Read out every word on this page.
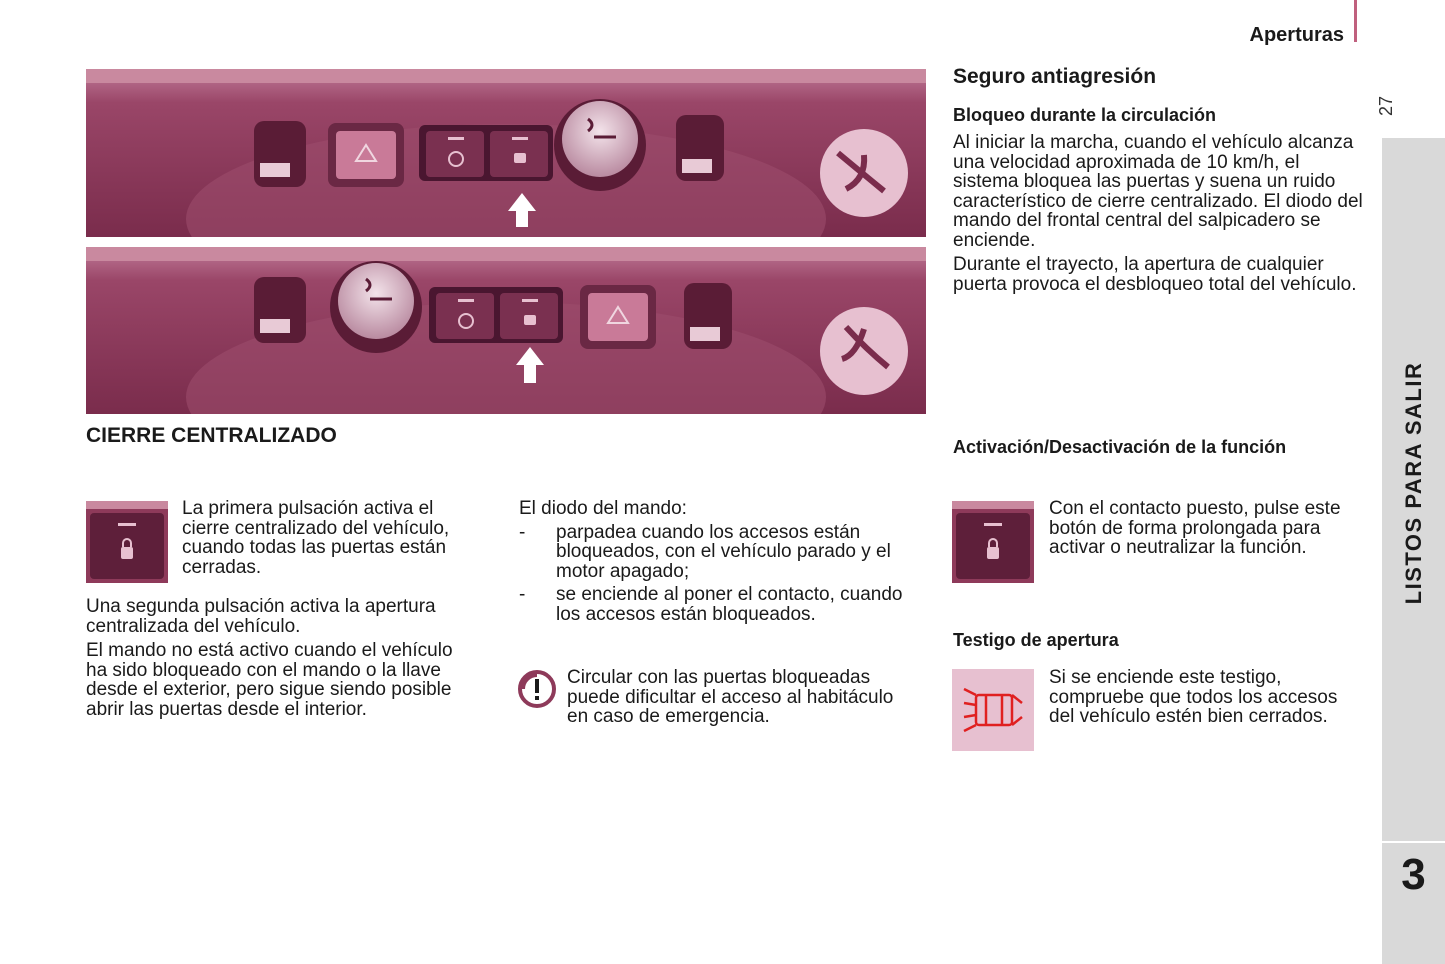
Aperturas
27
LISTOS PARA SALIR
3
CIERRE CENTRALIZADO
La primera pulsación activa el cierre centralizado del vehículo, cuando todas las puertas están cerradas.

Una segunda pulsación activa la apertura centralizada del vehículo.

El mando no está activo cuando el vehículo ha sido bloqueado con el mando o la llave desde el exterior, pero sigue siendo posible abrir las puertas desde el interior.

El diodo del mando:

- parpadea cuando los accesos están bloqueados, con el vehículo parado y el motor apagado;
- se enciende al poner el contacto, cuando los accesos están bloqueados.
Circular con las puertas bloqueadas puede dificultar el acceso al habitáculo en caso de emergencia.
Seguro antiagresión
Bloqueo durante la circulación

Al iniciar la marcha, cuando el vehículo alcanza una velocidad aproximada de 10 km/h, el sistema bloquea las puertas y suena un ruido característico de cierre centralizado. El diodo del mando del frontal central del salpicadero se enciende.

Durante el trayecto, la apertura de cualquier puerta provoca el desbloqueo total del vehículo.

Activación/Desactivación de la función
Con el contacto puesto, pulse este botón de forma prolongada para activar o neutralizar la función.
Testigo de apertura
Si se enciende este testigo, compruebe que todos los accesos del vehículo estén bien cerrados.
